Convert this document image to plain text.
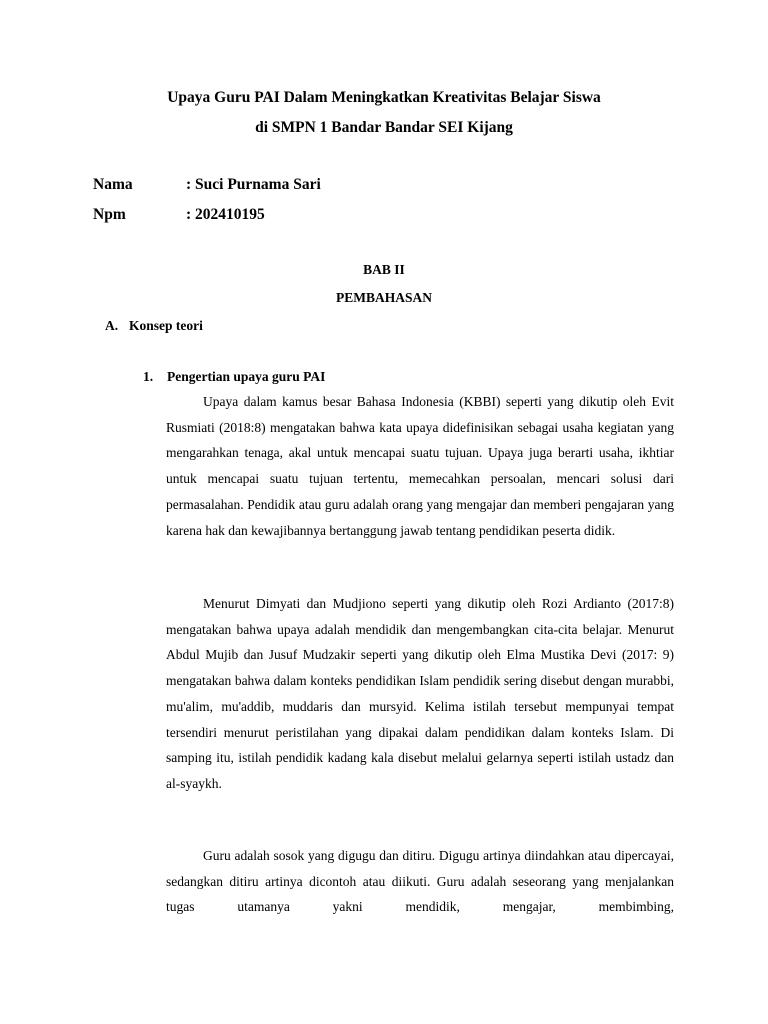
Upaya Guru PAI Dalam Meningkatkan Kreativitas Belajar Siswa
di SMPN 1 Bandar Bandar SEI Kijang
Nama	: Suci Purnama Sari
Npm	: 202410195
BAB II
PEMBAHASAN
A. Konsep teori
1. Pengertian upaya guru PAI

Upaya dalam kamus besar Bahasa Indonesia (KBBI) seperti yang dikutip oleh Evit Rusmiati (2018:8) mengatakan bahwa kata upaya didefinisikan sebagai usaha kegiatan yang mengarahkan tenaga, akal untuk mencapai suatu tujuan. Upaya juga berarti usaha, ikhtiar untuk mencapai suatu tujuan tertentu, memecahkan persoalan, mencari solusi dari permasalahan. Pendidik atau guru adalah orang yang mengajar dan memberi pengajaran yang karena hak dan kewajibannya bertanggung jawab tentang pendidikan peserta didik.

Menurut Dimyati dan Mudjiono seperti yang dikutip oleh Rozi Ardianto (2017:8) mengatakan bahwa upaya adalah mendidik dan mengembangkan cita-cita belajar. Menurut Abdul Mujib dan Jusuf Mudzakir seperti yang dikutip oleh Elma Mustika Devi (2017: 9) mengatakan bahwa dalam konteks pendidikan Islam pendidik sering disebut dengan murabbi, mu'alim, mu'addib, muddaris dan mursyid. Kelima istilah tersebut mempunyai tempat tersendiri menurut peristilahan yang dipakai dalam pendidikan dalam konteks Islam. Di samping itu, istilah pendidik kadang kala disebut melalui gelarnya seperti istilah ustadz dan al-syaykh.

Guru adalah sosok yang digugu dan ditiru. Digugu artinya diindahkan atau dipercayai, sedangkan ditiru artinya dicontoh atau diikuti. Guru adalah seseorang yang menjalankan tugas utamanya yakni mendidik, mengajar, membimbing,
